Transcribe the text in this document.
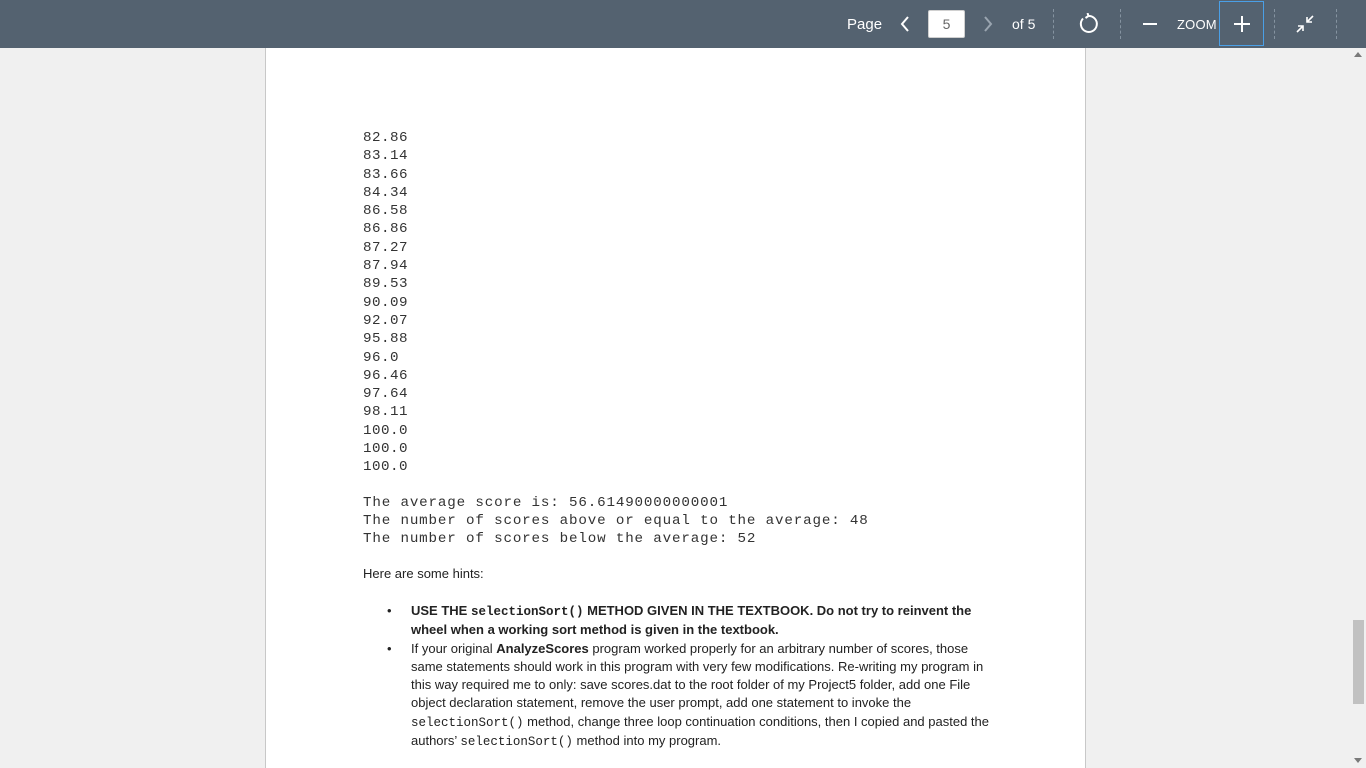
Page
5	of 5	ZOOM
82.86
83.14
83.66
84.34
86.58
86.86
87.27
87.94
89.53
90.09
92.07
95.88
96.0
96.46
97.64
98.11
100.0
100.0
100.0
The average score is: 56.61490000000001
The number of scores above or equal to the average: 48
The number of scores below the average: 52
Here are some hints:
• USE THE selectionSort() METHOD GIVEN IN THE TEXTBOOK. Do not try to reinvent the wheel when a working sort method is given in the textbook.
• If your original AnalyzeScores program worked properly for an arbitrary number of scores, those same statements should work in this program with very few modifications. Re-writing my program in this way required me to only: save scores.dat to the root folder of my Project5 folder, add one File object declaration statement, remove the user prompt, add one statement to invoke the selectionSort() method, change three loop continuation conditions, then I copied and pasted the authors’ selectionSort() method into my program.
